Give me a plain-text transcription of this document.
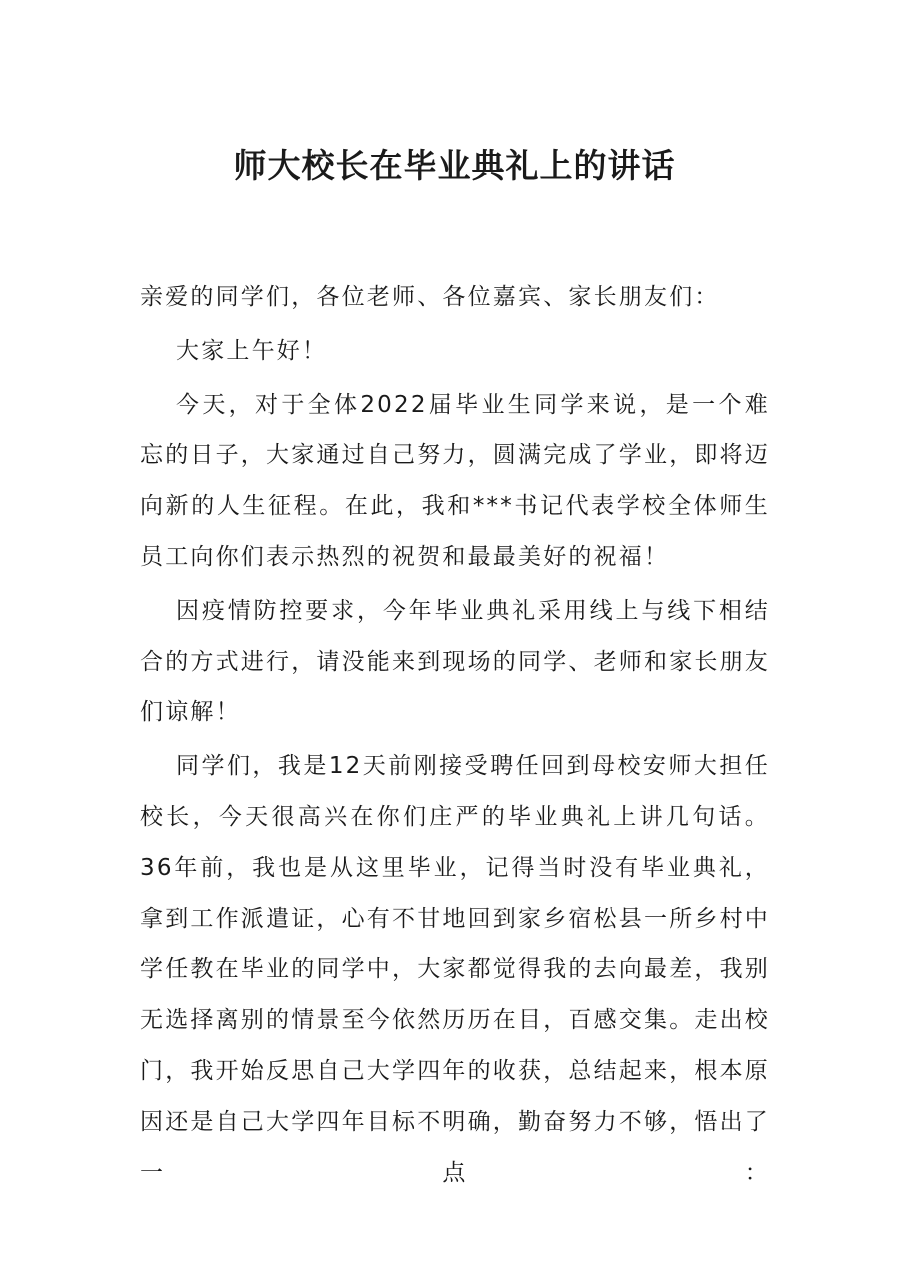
师大校长在毕业典礼上的讲话

亲爱的同学们，各位老师、各位嘉宾、家长朋友们：

大家上午好！

今天，对于全体2022届毕业生同学来说，是一个难忘的日子，大家通过自己努力，圆满完成了学业，即将迈向新的人生征程。在此，我和***书记代表学校全体师生员工向你们表示热烈的祝贺和最最美好的祝福！

因疫情防控要求，今年毕业典礼采用线上与线下相结合的方式进行，请没能来到现场的同学、老师和家长朋友们谅解！

同学们，我是12天前刚接受聘任回到母校安师大担任校长，今天很高兴在你们庄严的毕业典礼上讲几句话。36年前，我也是从这里毕业，记得当时没有毕业典礼，拿到工作派遣证，心有不甘地回到家乡宿松县一所乡村中学任教在毕业的同学中，大家都觉得我的去向最差，我别无选择离别的情景至今依然历历在目，百感交集。走出校门，我开始反思自己大学四年的收获，总结起来，根本原因还是自己大学四年目标不明确，勤奋努力不够，悟出了一点：
